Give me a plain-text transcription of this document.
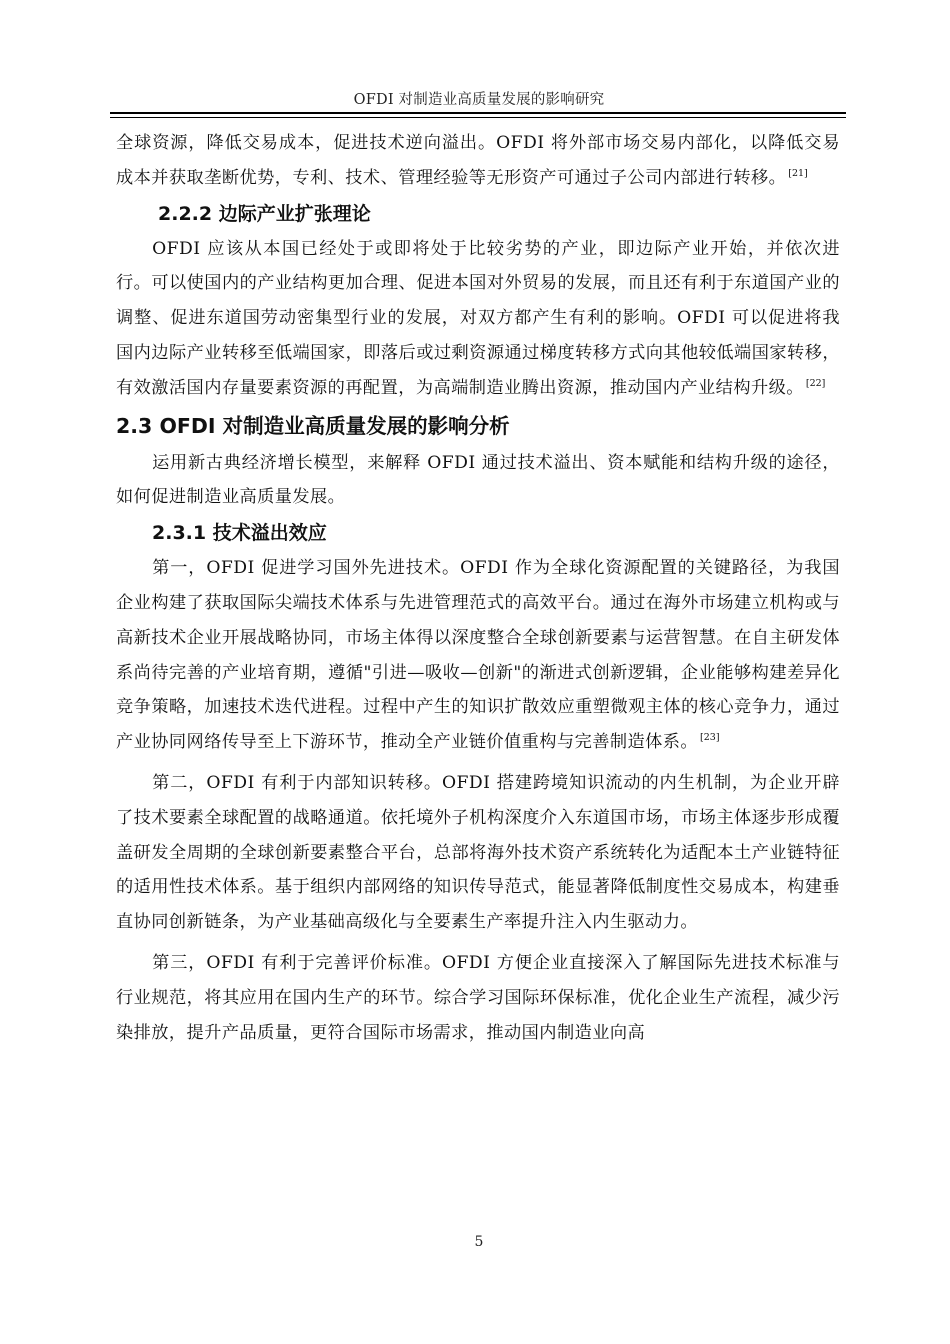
OFDI 对制造业高质量发展的影响研究

全球资源，降低交易成本，促进技术逆向溢出。OFDI 将外部市场交易内部化，以降低交易成本并获取垄断优势，专利、技术、管理经验等无形资产可通过子公司内部进行转移。 [21]

2.2.2 边际产业扩张理论

OFDI 应该从本国已经处于或即将处于比较劣势的产业，即边际产业开始，并依次进行。可以使国内的产业结构更加合理、促进本国对外贸易的发展，而且还有利于东道国产业的调整、促进东道国劳动密集型行业的发展，对双方都产生有利的影响。OFDI 可以促进将我国内边际产业转移至低端国家，即落后或过剩资源通过梯度转移方式向其他较低端国家转移，有效激活国内存量要素资源的再配置，为高端制造业腾出资源，推动国内产业结构升级。 [22]

2.3 OFDI 对制造业高质量发展的影响分析

运用新古典经济增长模型，来解释 OFDI 通过技术溢出、资本赋能和结构升级的途径，如何促进制造业高质量发展。

2.3.1 技术溢出效应

第一，OFDI 促进学习国外先进技术。OFDI 作为全球化资源配置的关键路径，为我国企业构建了获取国际尖端技术体系与先进管理范式的高效平台。通过在海外市场建立机构或与高新技术企业开展战略协同，市场主体得以深度整合全球创新要素与运营智慧。在自主研发体系尚待完善的产业培育期，遵循"引进—吸收—创新"的渐进式创新逻辑，企业能够构建差异化竞争策略，加速技术迭代进程。过程中产生的知识扩散效应重塑微观主体的核心竞争力，通过产业协同网络传导至上下游环节，推动全产业链价值重构与完善制造体系。 [23]

第二，OFDI 有利于内部知识转移。OFDI 搭建跨境知识流动的内生机制，为企业开辟了技术要素全球配置的战略通道。依托境外子机构深度介入东道国市场，市场主体逐步形成覆盖研发全周期的全球创新要素整合平台，总部将海外技术资产系统转化为适配本土产业链特征的适用性技术体系。基于组织内部网络的知识传导范式，能显著降低制度性交易成本，构建垂直协同创新链条，为产业基础高级化与全要素生产率提升注入内生驱动力。

第三，OFDI 有利于完善评价标准。OFDI 方便企业直接深入了解国际先进技术标准与行业规范，将其应用在国内生产的环节。综合学习国际环保标准，优化企业生产流程，减少污染排放，提升产品质量，更符合国际市场需求，推动国内制造业向高

5
